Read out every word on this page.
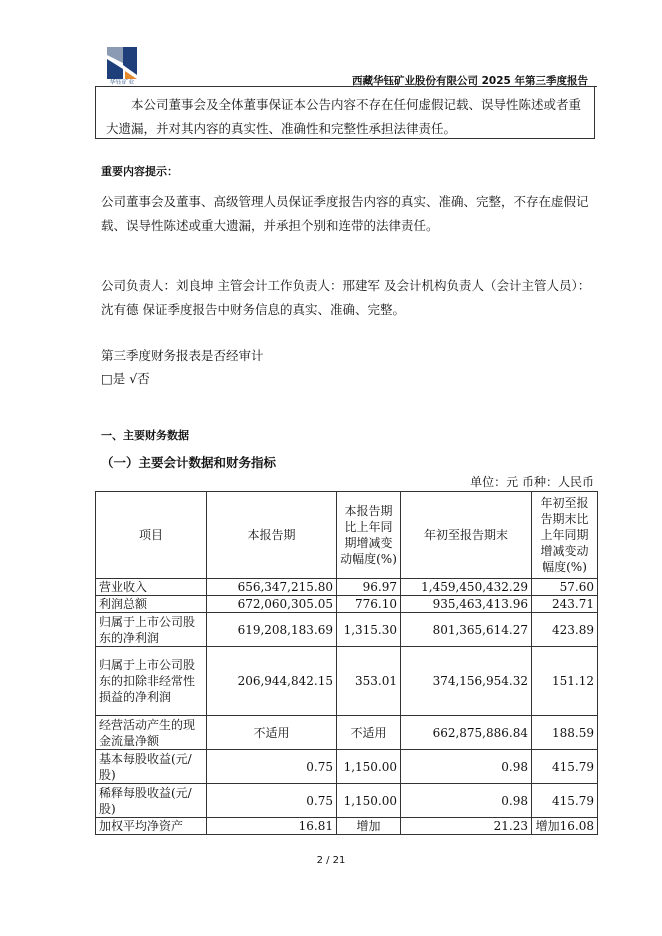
华钰矿业	西藏华钰矿业股份有限公司 2025 年第三季度报告
本公司董事会及全体董事保证本公告内容不存在任何虚假记载、误导性陈述或者重大遗漏，并对其内容的真实性、准确性和完整性承担法律责任。
重要内容提示：
公司董事会及董事、高级管理人员保证季度报告内容的真实、准确、完整，不存在虚假记载、误导性陈述或重大遗漏，并承担个别和连带的法律责任。
公司负责人：刘良坤 主管会计工作负责人：邢建军 及会计机构负责人（会计主管人员）：沈有德 保证季度报告中财务信息的真实、准确、完整。
第三季度财务报表是否经审计
□是 √否
一、主要财务数据
（一）主要会计数据和财务指标
单位：元 币种：人民币
项目	本报告期	本报告期比上年同期增减变动幅度(%)	年初至报告期末	年初至报告期末比上年同期增减变动幅度(%)
营业收入	656,347,215.80	96.97	1,459,450,432.29	57.60
利润总额	672,060,305.05	776.10	935,463,413.96	243.71
归属于上市公司股东的净利润	619,208,183.69	1,315.30	801,365,614.27	423.89
归属于上市公司股东的扣除非经常性损益的净利润	206,944,842.15	353.01	374,156,954.32	151.12
经营活动产生的现金流量净额	不适用	不适用	662,875,886.84	188.59
基本每股收益(元/股)	0.75	1,150.00	0.98	415.79
稀释每股收益(元/股)	0.75	1,150.00	0.98	415.79
加权平均净资产	16.81	增加	21.23	增加16.08
2 / 21
